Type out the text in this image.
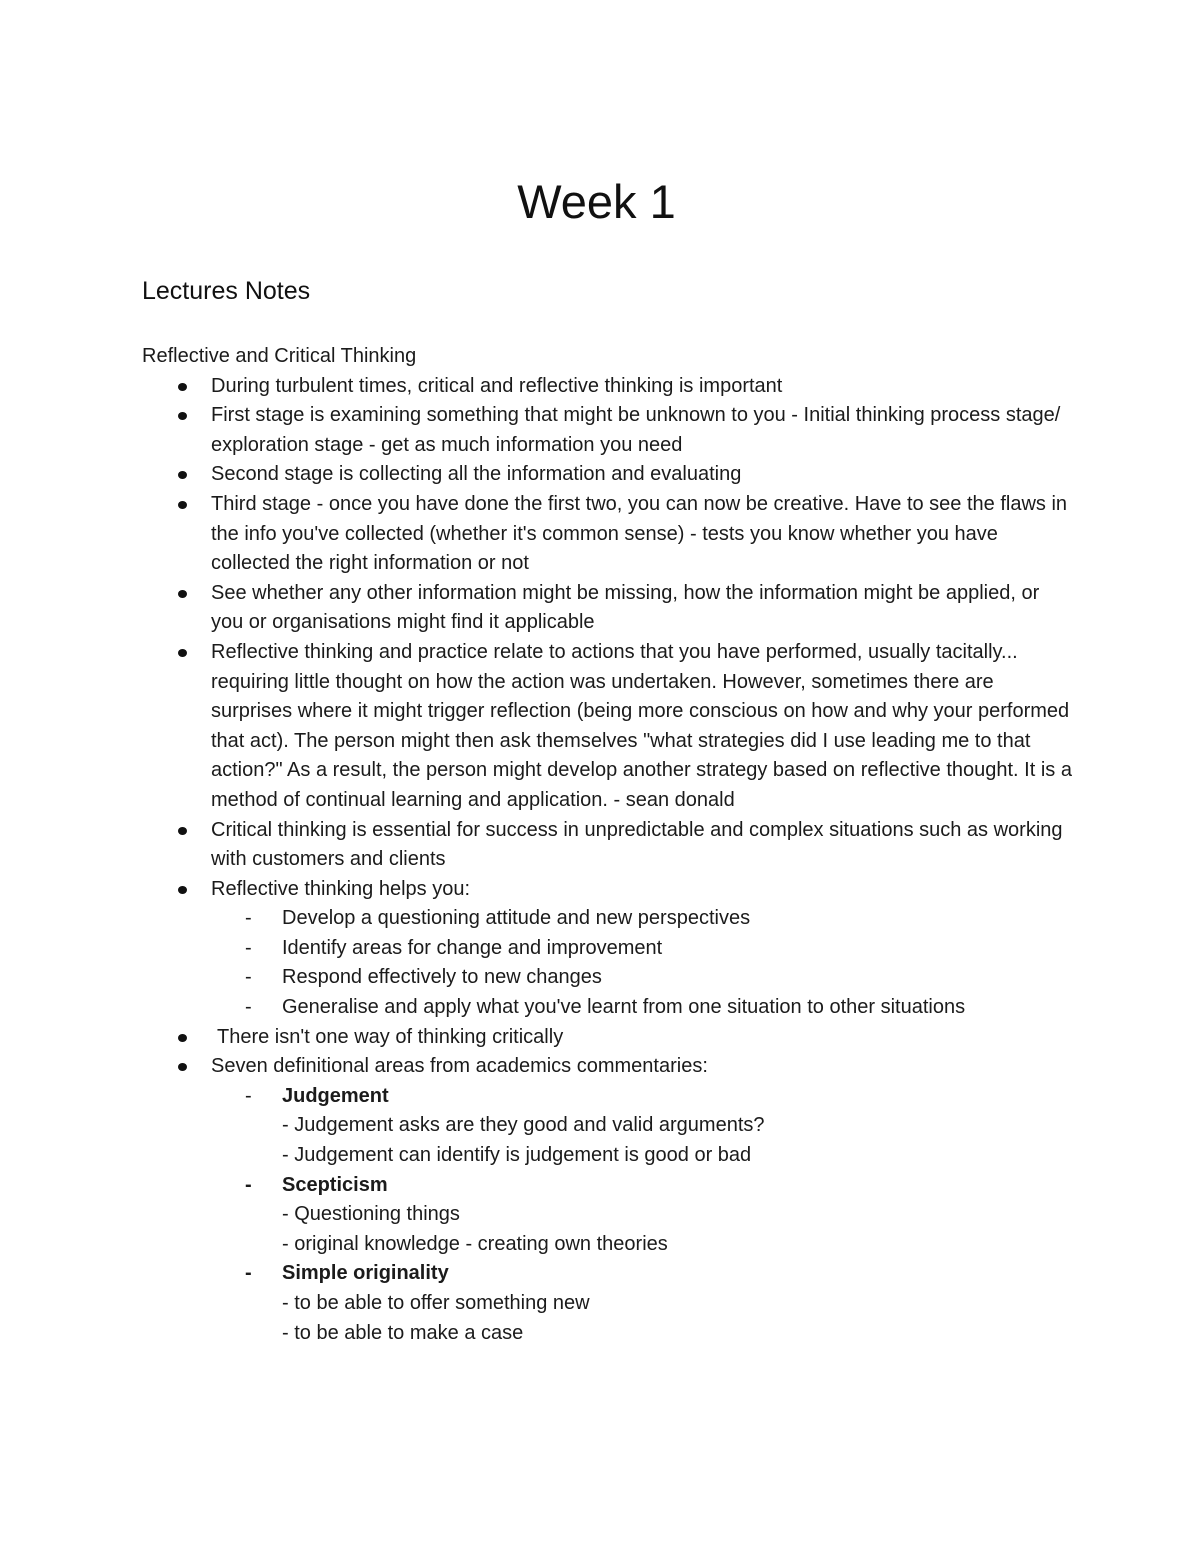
Week 1
Lectures Notes

Reflective and Critical Thinking

During turbulent times, critical and reflective thinking is important
First stage is examining something that might be unknown to you - Initial thinking process stage/ exploration stage - get as much information you need
Second stage is collecting all the information and evaluating
Third stage - once you have done the first two, you can now be creative. Have to see the flaws in the info you've collected (whether it's common sense) - tests you know whether you have collected the right information or not
See whether any other information might be missing, how the information might be applied, or you or organisations might find it applicable
Reflective thinking and practice relate to actions that you have performed, usually tacitally... requiring little thought on how the action was undertaken. However, sometimes there are surprises where it might trigger reflection (being more conscious on how and why your performed that act). The person might then ask themselves "what strategies did I use leading me to that action?" As a result, the person might develop another strategy based on reflective thought. It is a method of continual learning and application. - sean donald
Critical thinking is essential for success in unpredictable and complex situations such as working with customers and clients
Reflective thinking helps you:
- Develop a questioning attitude and new perspectives
- Identify areas for change and improvement
- Respond effectively to new changes
- Generalise and apply what you've learnt from one situation to other situations
There isn't one way of thinking critically
Seven definitional areas from academics commentaries:
- Judgement
- Judgement asks are they good and valid arguments?
- Judgement can identify is judgement is good or bad
- Scepticism
- Questioning things
- original knowledge - creating own theories
- Simple originality
- to be able to offer something new
- to be able to make a case
